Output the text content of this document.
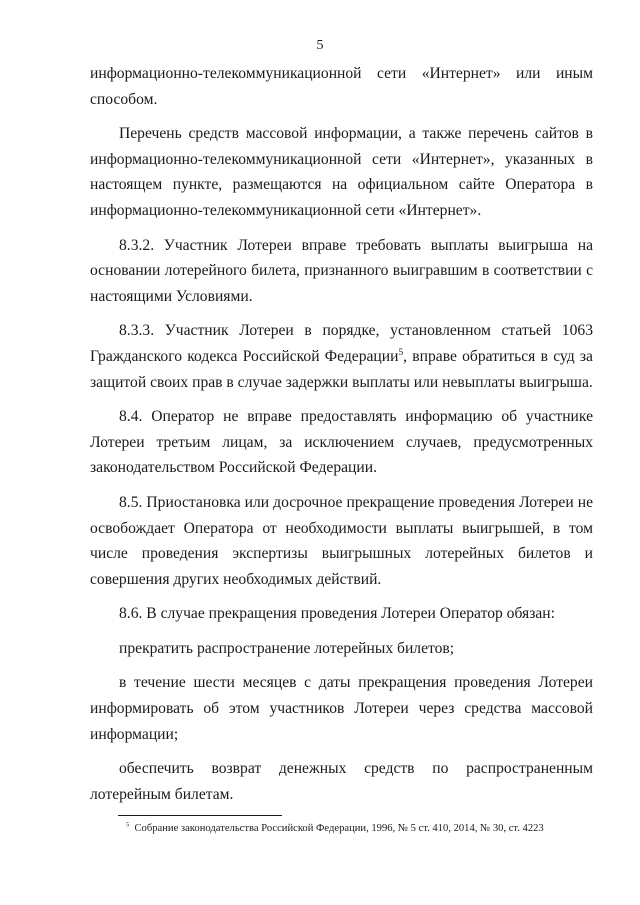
5

информационно-телекоммуникационной сети «Интернет» или иным способом.

Перечень средств массовой информации, а также перечень сайтов в информационно-телекоммуникационной сети «Интернет», указанных в настоящем пункте, размещаются на официальном сайте Оператора в информационно-телекоммуникационной сети «Интернет».

8.3.2. Участник Лотереи вправе требовать выплаты выигрыша на основании лотерейного билета, признанного выигравшим в соответствии с настоящими Условиями.

8.3.3. Участник Лотереи в порядке, установленном статьей 1063 Гражданского кодекса Российской Федерации$^5$, вправе обратиться в суд за защитой своих прав в случае задержки выплаты или невыплаты выигрыша.

8.4. Оператор не вправе предоставлять информацию об участнике Лотереи третьим лицам, за исключением случаев, предусмотренных законодательством Российской Федерации.

8.5. Приостановка или досрочное прекращение проведения Лотереи не освобождает Оператора от необходимости выплаты выигрышей, в том числе проведения экспертизы выигрышных лотерейных билетов и совершения других необходимых действий.

8.6. В случае прекращения проведения Лотереи Оператор обязан:

прекратить распространение лотерейных билетов;

в течение шести месяцев с даты прекращения проведения Лотереи информировать об этом участников Лотереи через средства массовой информации;

обеспечить возврат денежных средств по распространенным лотерейным билетам.

$^5$ Собрание законодательства Российской Федерации, 1996, № 5 ст. 410, 2014, № 30, ст. 4223
